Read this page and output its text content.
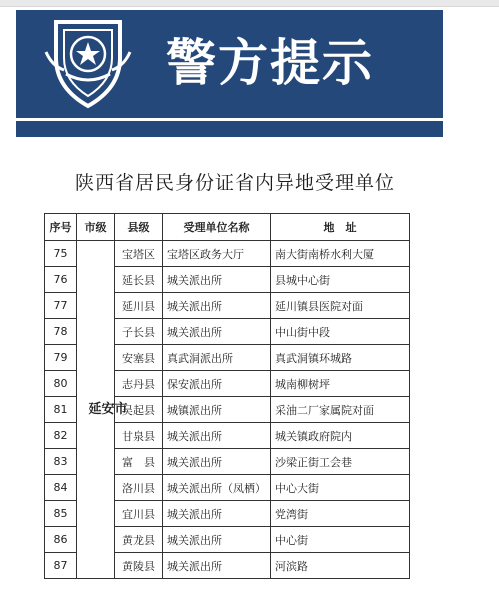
警方提示
陕西省居民身份证省内异地受理单位
序号	市级	县级	受理单位名称	地　址
75	延安市	宝塔区	宝塔区政务大厅	南大街南桥水利大厦
76		延长县	城关派出所	县城中心街
77		延川县	城关派出所	延川镇县医院对面
78		子长县	城关派出所	中山街中段
79		安塞县	真武洞派出所	真武洞镇环城路
80		志丹县	保安派出所	城南柳树坪
81		吴起县	城镇派出所	采油二厂家属院对面
82		甘泉县	城关派出所	城关镇政府院内
83		富　县	城关派出所	沙梁正街工会巷
84		洛川县	城关派出所（凤栖）	中心大街
85		宜川县	城关派出所	党湾街
86		黄龙县	城关派出所	中心街
87		黄陵县	城关派出所	河滨路
